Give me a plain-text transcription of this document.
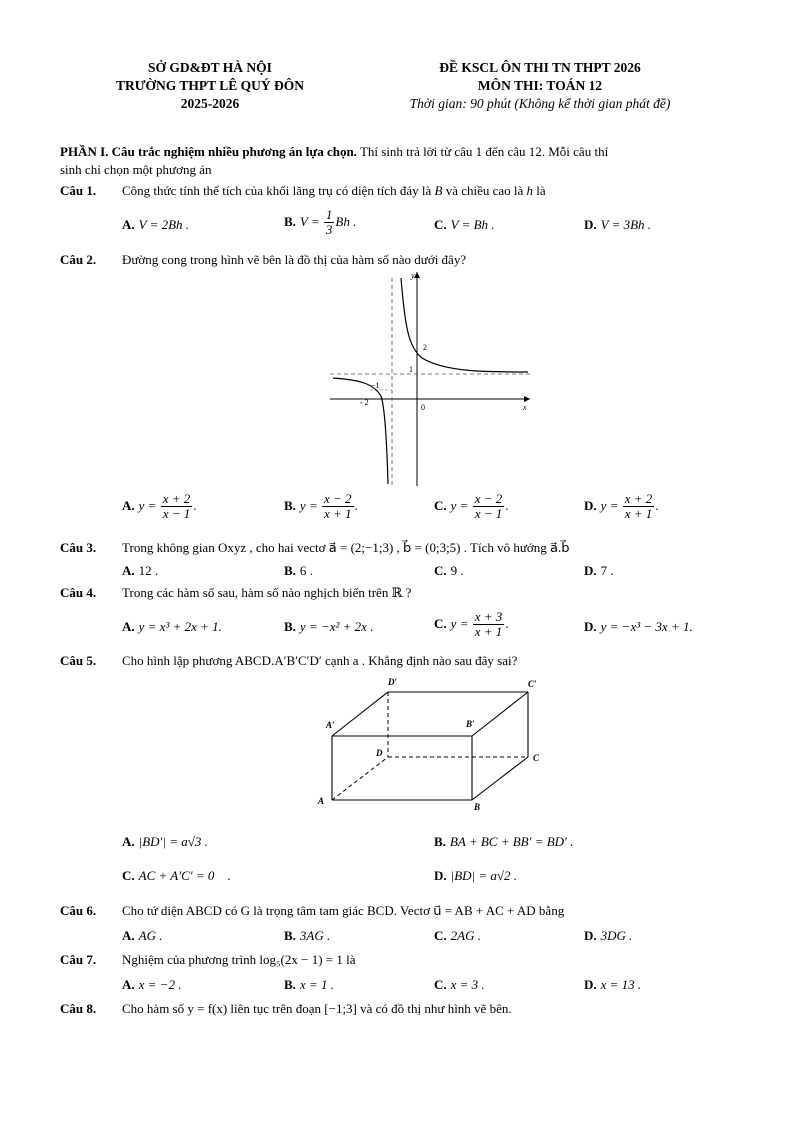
SỞ GD&ĐT HÀ NỘI
TRƯỜNG THPT LÊ QUÝ ĐÔN
2025-2026
ĐỀ KSCL ÔN THI TN THPT 2026
MÔN THI: TOÁN 12
Thời gian: 90 phút (Không kể thời gian phát đề)
PHẦN I. Câu trắc nghiệm nhiều phương án lựa chọn. Thí sinh trả lời từ câu 1 đến câu 12. Mỗi câu thí
sinh chỉ chọn một phương án
Câu 1. Công thức tính thể tích của khối lăng trụ có diện tích đáy là B và chiều cao là h là
A. V = 2Bh .	B. $V = \frac{1}{3}$ Bh .	C. V = Bh .	D. V = 3Bh .
Câu 2. Đường cong trong hình vẽ bên là đồ thị của hàm số nào dưới đây?
y
x
0
2
1
−1
- 2
A. $y = \frac{x + 2}{x - 1}$ .	B. $y = \frac{x - 2}{x + 1}$ .	C. $y = \frac{x - 2}{x - 1}$ .	D. $y = \frac{x + 2}{x + 1}$ .
Câu 3. Trong không gian Oxyz , cho hai vectơ a⃗ = (2;−1;3) , b⃗ = (0;3;5) . Tích vô hướng a⃗.b⃗
A. 12 .	B. 6 .	C. 9 .	D. 7 .
Câu 4. Trong các hàm số sau, hàm số nào nghịch biến trên ℝ ?
A. y = x³ + 2x + 1.	B. y = −x² + 2x .	C. $y = \frac{x + 3}{x + 1}$ .	D. y = −x³ − 3x + 1.
Câu 5. Cho hình lập phương ABCD.A′B′C′D′ cạnh a . Khẳng định nào sau đây sai?
D′	C′
A′	B′
D	C
A
B
A. |BD′| = a√3 .	B. BA + BC + BB′ = BD′ .
C. AC + A′C′ = 0⃗ .	D. |BD| = a√2 .
Câu 6. Cho tứ diện ABCD có G là trọng tâm tam giác BCD. Vectơ u⃗ = AB + AC + AD bằng
A. AG .	B. 3AG .	C. 2AG .	D. 3DG .
Câu 7. Nghiệm của phương trình log₅(2x − 1) = 1 là
A. x = −2 .	B. x = 1 .	C. x = 3 .	D. x = 13 .
Câu 8. Cho hàm số y = f(x) liên tục trên đoạn [−1;3] và có đồ thị như hình vẽ bên.
